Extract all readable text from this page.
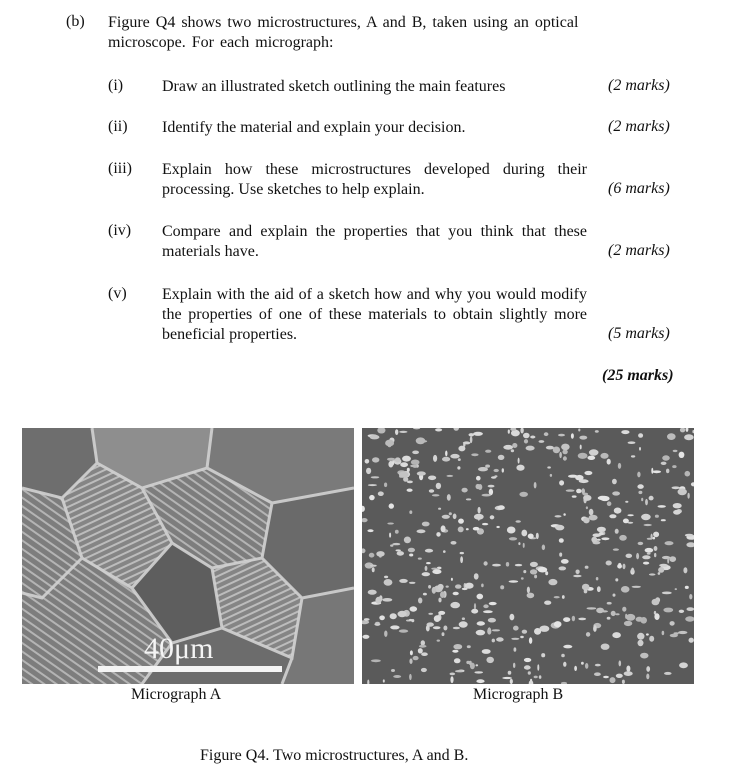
(b) Figure Q4 shows two microstructures, A and B, taken using an optical microscope. For each micrograph:
(i) Draw an illustrated sketch outlining the main features	(2 marks)
(ii) Identify the material and explain your decision.	(2 marks)
(iii) Explain how these microstructures developed during their processing. Use sketches to help explain.	(6 marks)
(iv) Compare and explain the properties that you think that these materials have.	(2 marks)
(v) Explain with the aid of a sketch how and why you would modify the properties of one of these materials to obtain slightly more beneficial properties.	(5 marks)
(25 marks)
40μm
Micrograph A	Micrograph B
Figure Q4. Two microstructures, A and B.
